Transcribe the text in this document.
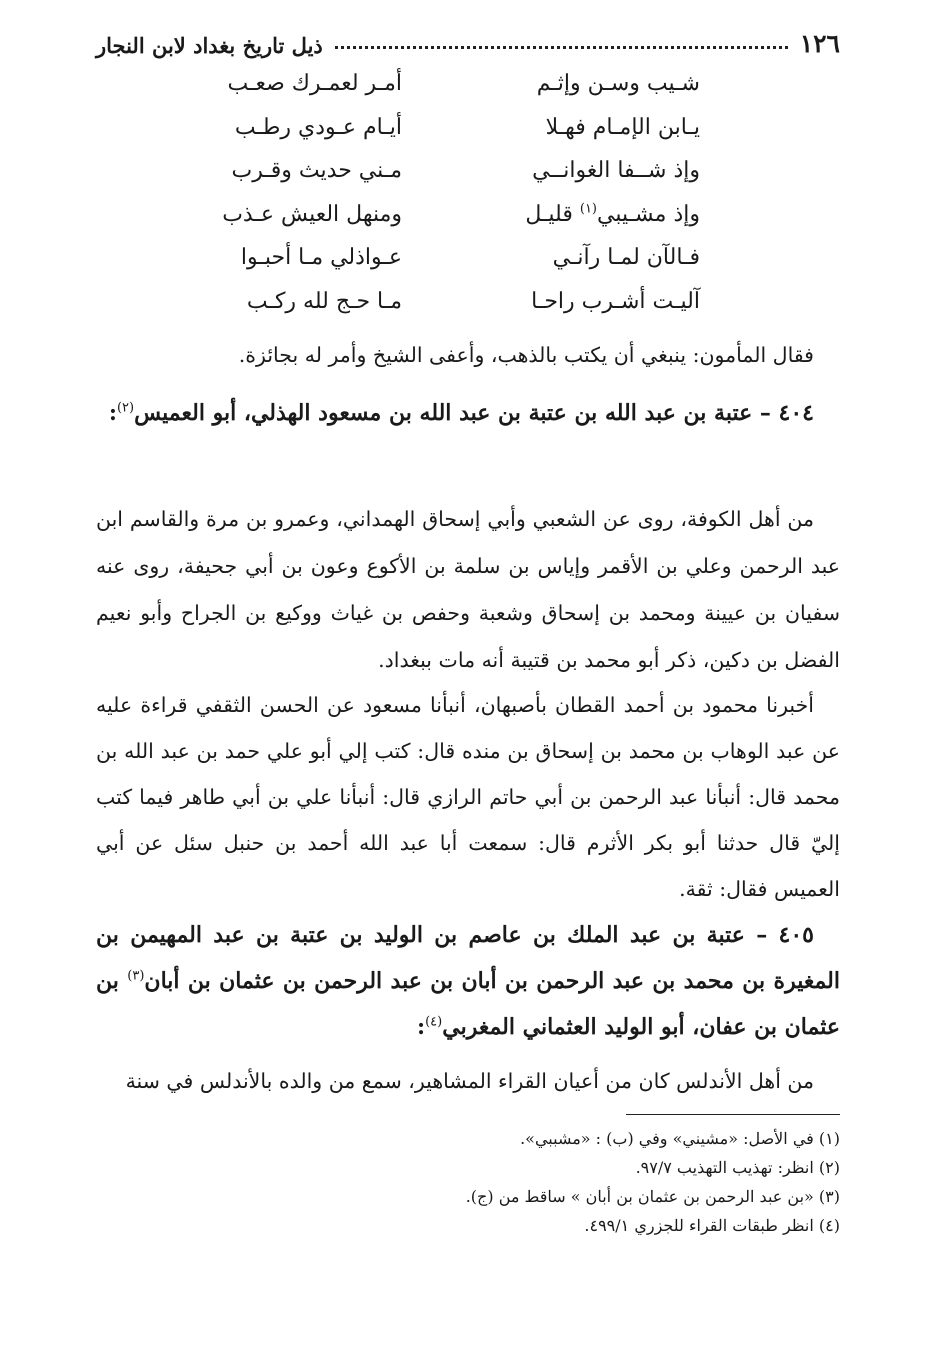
١٢٦
ذيل تاريخ بغداد لابن النجار
شـيب وسـن وإثـم
أمـر لعمـرك صعـب
يـابن الإمـام فهـلا
أيـام عـودي رطـب
وإذ شــفا الغوانــي
مـني حديث وقـرب
وإذ مشـيبي$^{(١)}$ قليـل
ومنهل العيش عـذب
فـالآن لمـا رآنـي
عـواذلي مـا أحبـوا
آليـت أشـرب راحـا
مـا حـج لله ركـب

فقال المأمون: ينبغي أن يكتب بالذهب، وأعفى الشيخ وأمر له بجائزة.

٤٠٤ – عتبة بن عبد الله بن عتبة بن عبد الله بن مسعود الهذلي، أبو العميس$^{(٢)}$:

من أهل الكوفة، روى عن الشعبي وأبي إسحاق الهمداني، وعمرو بن مرة والقاسم ابن عبد الرحمن وعلي بن الأقمر وإياس بن سلمة بن الأكوع وعون بن أبي جحيفة، روى عنه سفيان بن عيينة ومحمد بن إسحاق وشعبة وحفص بن غياث ووكيع بن الجراح وأبو نعيم الفضل بن دكين، ذكر أبو محمد بن قتيبة أنه مات ببغداد.

أخبرنا محمود بن أحمد القطان بأصبهان، أنبأنا مسعود عن الحسن الثقفي قراءة عليه عن عبد الوهاب بن محمد بن إسحاق بن منده قال: كتب إلي أبو علي حمد بن عبد الله بن محمد قال: أنبأنا عبد الرحمن بن أبي حاتم الرازي قال: أنبأنا علي بن أبي طاهر فيما كتب إليّ قال حدثنا أبو بكر الأثرم قال: سمعت أبا عبد الله أحمد بن حنبل سئل عن أبي العميس فقال: ثقة.

٤٠٥ – عتبة بن عبد الملك بن عاصم بن الوليد بن عتبة بن عبد المهيمن بن المغيرة بن محمد بن عبد الرحمن بن أبان بن عبد الرحمن بن عثمان بن أبان$^{(٣)}$ بن عثمان بن عفان، أبو الوليد العثماني المغربي$^{(٤)}$:

من أهل الأندلس كان من أعيان القراء المشاهير، سمع من والده بالأندلس في سنة

(١) في الأصل: «مشيني» وفي (ب) : «مشببي».
(٢) انظر: تهذيب التهذيب ٩٧/٧.
(٣) «بن عبد الرحمن بن عثمان بن أبان » ساقط من (ج).
(٤) انظر طبقات القراء للجزري ٤٩٩/١.
